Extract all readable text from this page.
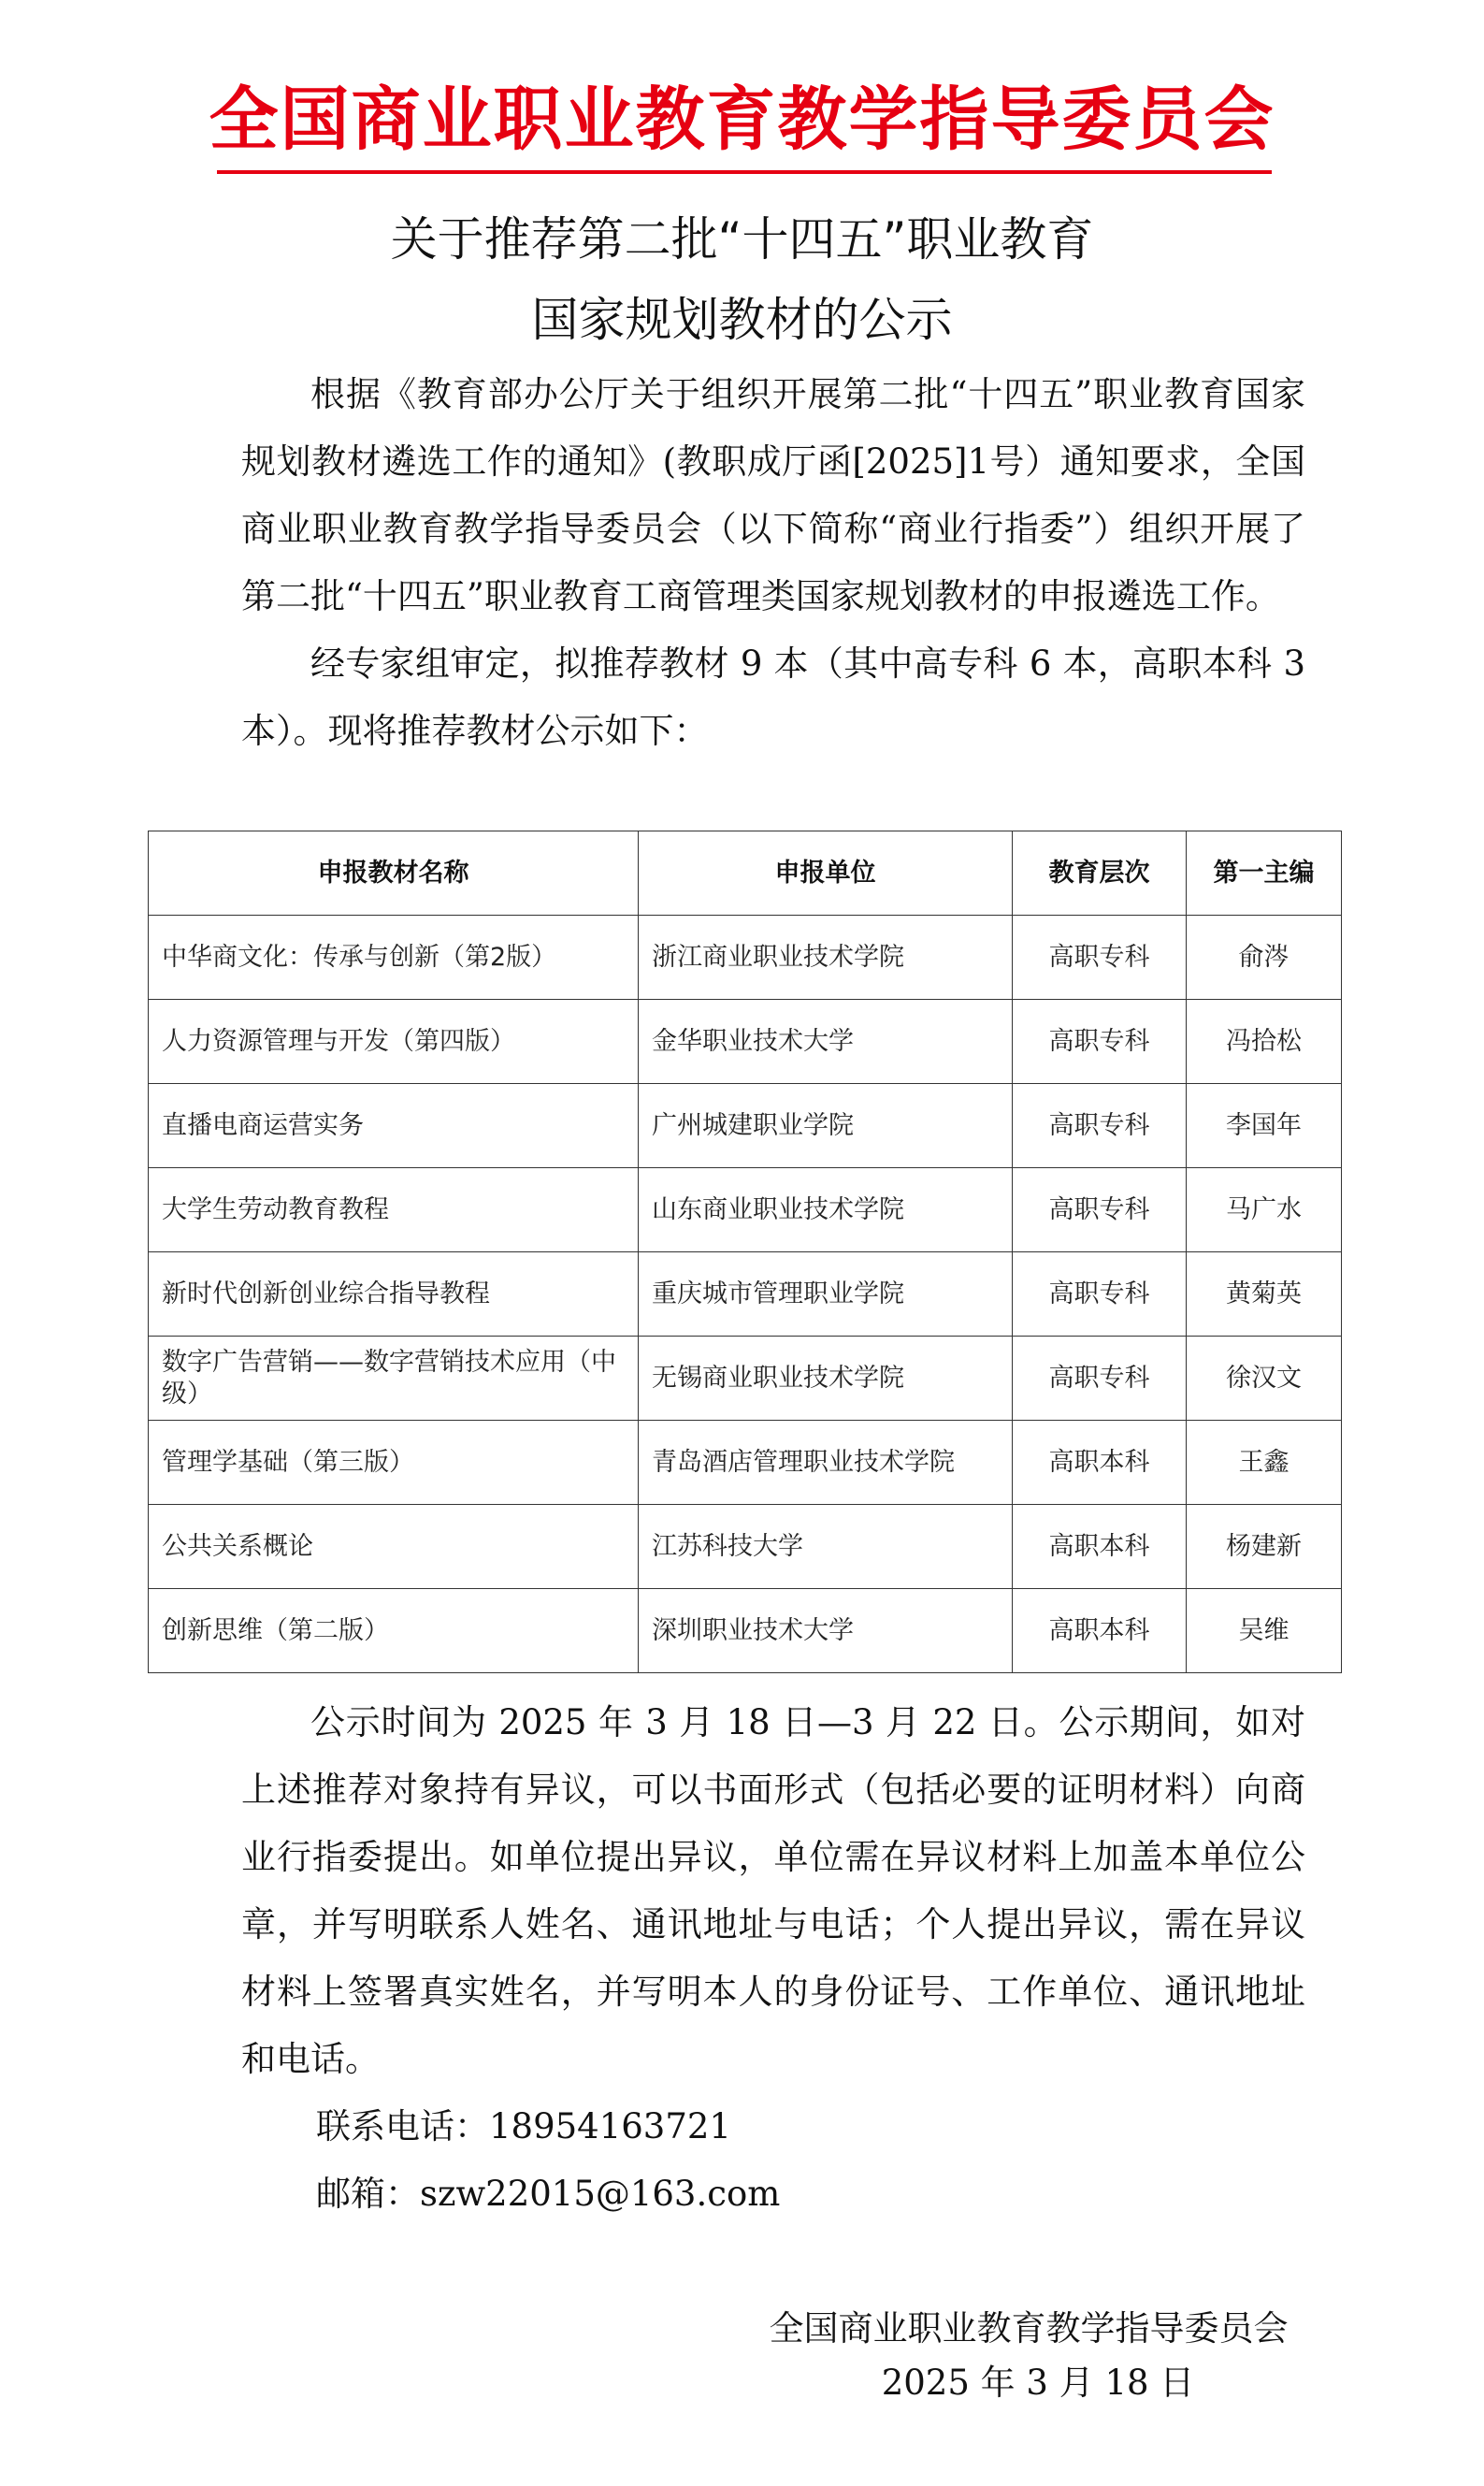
全国商业职业教育教学指导委员会
关于推荐第二批“十四五”职业教育
国家规划教材的公示

根据《教育部办公厅关于组织开展第二批“十四五”职业教育国家规划教材遴选工作的通知》(教职成厅函[2025]1号）通知要求，全国商业职业教育教学指导委员会（以下简称“商业行指委”）组织开展了第二批“十四五”职业教育工商管理类国家规划教材的申报遴选工作。

经专家组审定，拟推荐教材 9 本（其中高专科 6 本，高职本科 3 本）。现将推荐教材公示如下：

申报教材名称	申报单位	教育层次	第一主编
中华商文化：传承与创新（第2版）	浙江商业职业技术学院	高职专科	俞涔
人力资源管理与开发（第四版）	金华职业技术大学	高职专科	冯拾松
直播电商运营实务	广州城建职业学院	高职专科	李国年
大学生劳动教育教程	山东商业职业技术学院	高职专科	马广水
新时代创新创业综合指导教程	重庆城市管理职业学院	高职专科	黄菊英
数字广告营销——数字营销技术应用（中级）	无锡商业职业技术学院	高职专科	徐汉文
管理学基础（第三版）	青岛酒店管理职业技术学院	高职本科	王鑫
公共关系概论	江苏科技大学	高职本科	杨建新
创新思维（第二版）	深圳职业技术大学	高职本科	吴维

公示时间为 2025 年 3 月 18 日—3 月 22 日。公示期间，如对上述推荐对象持有异议，可以书面形式（包括必要的证明材料）向商业行指委提出。如单位提出异议，单位需在异议材料上加盖本单位公章，并写明联系人姓名、通讯地址与电话；个人提出异议，需在异议材料上签署真实姓名，并写明本人的身份证号、工作单位、通讯地址和电话。

联系电话：18954163721
邮箱：szw22015@163.com
全国商业职业教育教学指导委员会
2025 年 3 月 18 日
